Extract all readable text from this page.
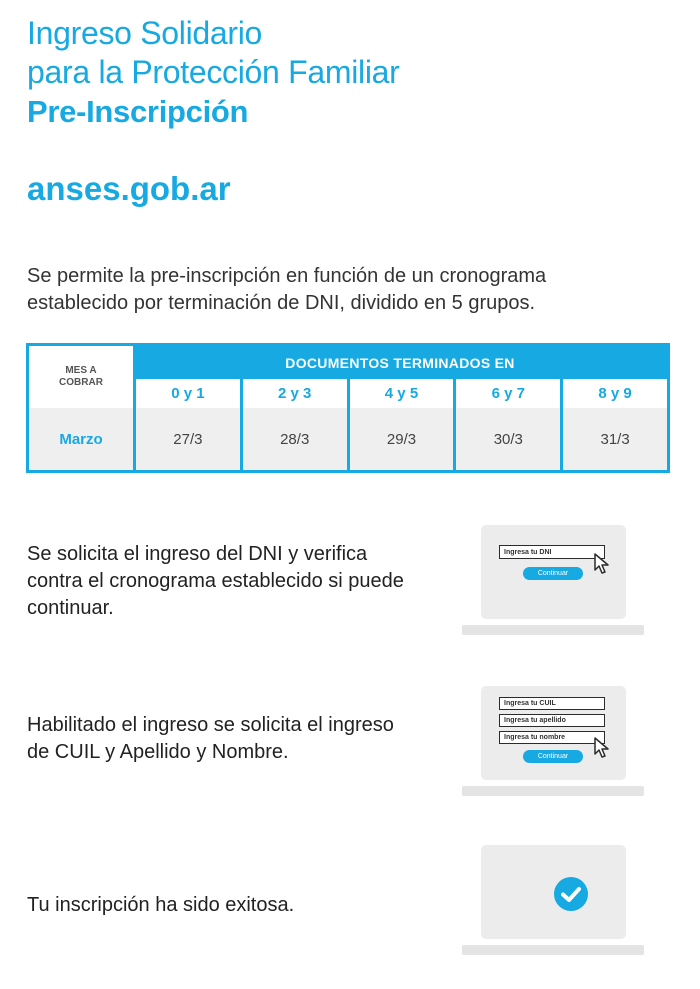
Ingreso Solidario
para la Protección Familiar
Pre-Inscripción
anses.gob.ar
Se permite la pre-inscripción en función de un cronograma establecido por terminación de DNI, dividido en 5 grupos.
MES A
COBRAR
DOCUMENTOS TERMINADOS EN
0 y 1	2 y 3	4 y 5	6 y 7	8 y 9
Marzo	27/3	28/3	29/3	30/3	31/3
Se solicita el ingreso del DNI y verifica
contra el cronograma establecido si puede
continuar.
Ingresa tu DNI
Continuar
Habilitado el ingreso se solicita el ingreso
de CUIL y Apellido y Nombre.
Ingresa tu CUIL
Ingresa tu apellido
Ingresa tu nombre
Continuar
Tu inscripción ha sido exitosa.
